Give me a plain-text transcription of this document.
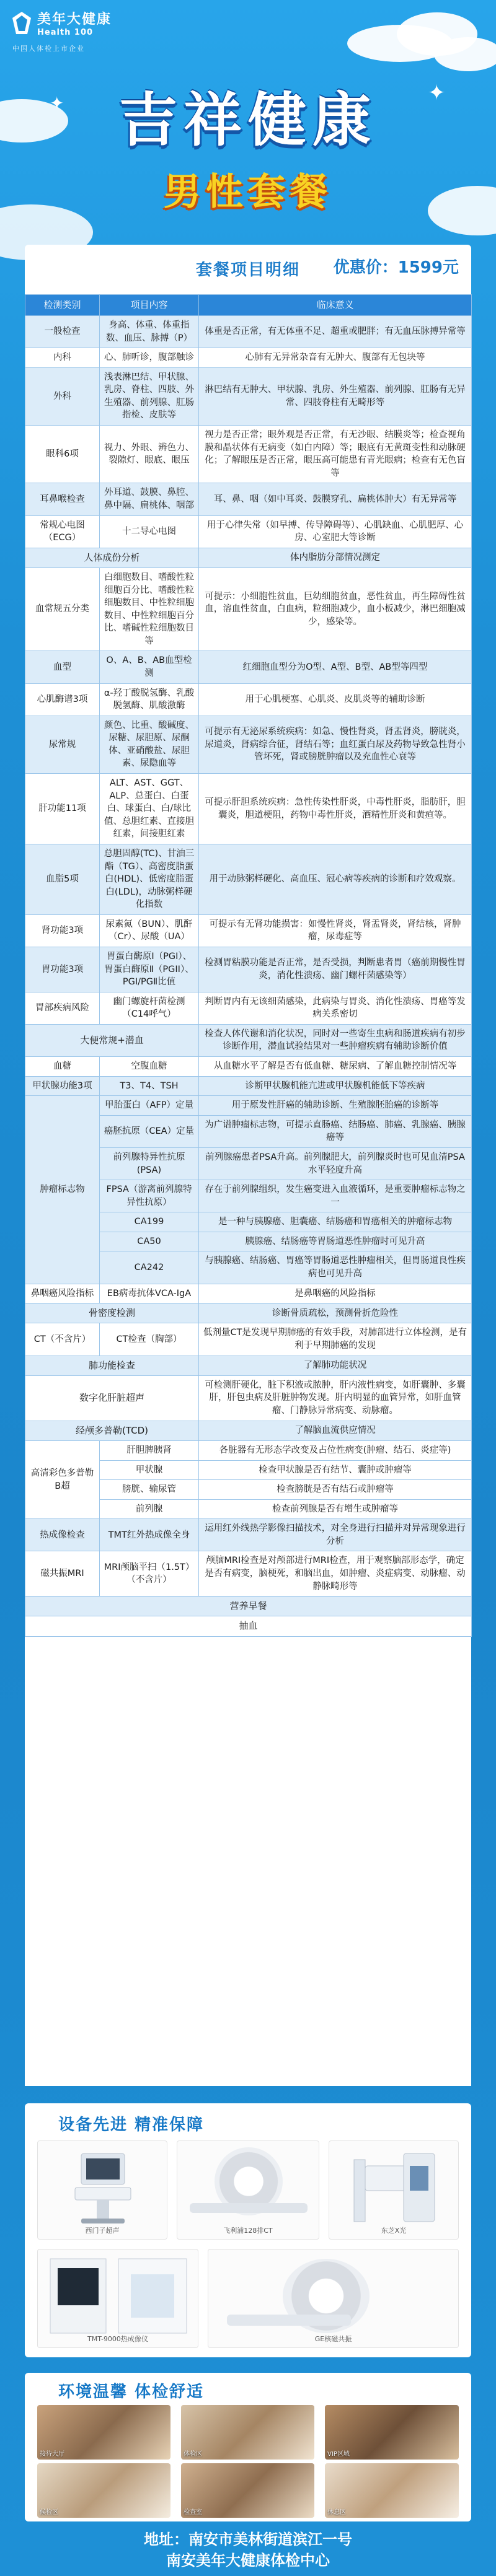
美年大健康
Health 100
中国人体检上市企业
✦	✦
吉祥健康
男性套餐
套餐项目明细	优惠价：1599元
检测类别	项目内容	临床意义
一般检查	身高、体重、体重指数、血压、脉搏（P）	体重是否正常，有无体重不足、超重或肥胖；有无血压脉搏异常等
内科	心、肺听诊，腹部触诊	心肺有无异常杂音有无肿大、腹部有无包块等
外科	浅表淋巴结、甲状腺、乳房、脊柱、四肢、外生殖器、前列腺、肛肠指检、皮肤等	淋巴结有无肿大、甲状腺、乳房、外生殖器、前列腺、肛肠有无异常、四肢脊柱有无畸形等
眼科6项	视力、外眼、辨色力、裂隙灯、眼底、眼压	视力是否正常；眼外观是否正常，有无沙眼、结膜炎等；检查视角膜和晶状体有无病变（如白内障）等；眼底有无黄斑变性和动脉硬化；了解眼压是否正常，眼压高可能患有青光眼病；检查有无色盲等
耳鼻喉检查	外耳道、鼓膜、鼻腔、鼻中隔、扁桃体、咽部	耳、鼻、咽（如中耳炎、鼓膜穿孔、扁桃体肿大）有无异常等
常规心电图（ECG）	十二导心电图	用于心律失常（如早搏、传导障碍等）、心肌缺血、心肌肥厚、心房、心室肥大等诊断
人体成份分析		体内脂肪分部情况测定
血常规五分类	白细胞数目、嗜酸性粒细胞百分比、嗜酸性粒细胞数目、中性粒细胞数目、中性粒细胞百分比、嗜碱性粒细胞数目等	可提示：小细胞性贫血，巨幼细胞贫血，恶性贫血，再生障碍性贫血，溶血性贫血，白血病，粒细胞减少，血小板减少，淋巴细胞减少，感染等。
血型	O、A、B、AB血型检测	红细胞血型分为O型、A型、B型、AB型等四型
心肌酶谱3项	α-羟丁酸脱氢酶、乳酸脱氢酶、肌酸激酶	用于心肌梗塞、心肌炎、皮肌炎等的辅助诊断
尿常规	颜色、比重、酸碱度、尿糖、尿胆原、尿酮体、亚硝酸盐、尿胆素、尿隐血等	可提示有无泌尿系统疾病：如急、慢性肾炎，肾盂肾炎，膀胱炎，尿道炎，肾病综合征，肾结石等；血红蛋白尿及药物导致急性肾小管坏死，肾或膀胱肿瘤以及充血性心衰等
肝功能11项	ALT、AST、GGT、ALP、总蛋白、白蛋白、球蛋白、白/球比值、总胆红素、直接胆红素，间接胆红素	可提示肝胆系统疾病：急性传染性肝炎，中毒性肝炎，脂肪肝，胆囊炎，胆道梗阻，药物中毒性肝炎，酒精性肝炎和黄疸等。
血脂5项	总胆固醇(TC)、甘油三酯（TG）、高密度脂蛋白(HDL)、低密度脂蛋白(LDL)，动脉粥样硬化指数	用于动脉粥样硬化、高血压、冠心病等疾病的诊断和疗效观察。
肾功能3项	尿素氮（BUN）、肌酐（Cr）、尿酸（UA）	可提示有无肾功能损害：如慢性肾炎，肾盂肾炎，肾结核，肾肿瘤，尿毒症等
胃功能3项	胃蛋白酶原Ⅰ（PGⅠ）、胃蛋白酶原Ⅱ（PGII）、PGⅠ/PGⅡ比值	检测胃粘膜功能是否正常，是否受损，判断患者胃（癌前期慢性胃炎，消化性溃疡、幽门螺杆菌感染等）
胃部疾病风险	幽门螺旋杆菌检测（C14呼气）	判断胃内有无该细菌感染，此病染与胃炎、消化性溃疡、胃癌等发病关系密切
大便常规+潜血		检查人体代谢和消化状况，同时对一些寄生虫病和肠道疾病有初步诊断作用，潜血试验结果对一些肿瘤疾病有辅助诊断价值
血糖	空腹血糖	从血糖水平了解是否有低血糖、糖尿病、了解血糖控制情况等
甲状腺功能3项	T3、T4、TSH	诊断甲状腺机能亢进或甲状腺机能低下等疾病
肿瘤标志物	甲胎蛋白（AFP）定量	用于原发性肝癌的辅助诊断、生殖腺胚胎癌的诊断等
	癌胚抗原（CEA）定量	为广谱肿瘤标志物，可提示直肠癌、结肠癌、肺癌、乳腺癌、胰腺癌等
	前列腺特异性抗原(PSA)	前列腺癌患者PSA升高。前列腺肥大，前列腺炎时也可见血清PSA水平轻度升高
	FPSA（游离前列腺特异性抗原）	存在于前列腺组织，发生癌变进入血液循环，是重要肿瘤标志物之一
	CA199	是一种与胰腺癌、胆囊癌、结肠癌和胃癌相关的肿瘤标志物
	CA50	胰腺癌、结肠癌等胃肠道恶性肿瘤时可见升高
	CA242	与胰腺癌、结肠癌、胃癌等胃肠道恶性肿瘤相关，但胃肠道良性疾病也可见升高
鼻咽癌风险指标	EB病毒抗体VCA-IgA	是鼻咽癌的风险指标
骨密度检测		诊断骨质疏松，预测骨折危险性
CT（不含片）	CT检查（胸部）	低剂量CT是发现早期肺癌的有效手段，对肺部进行立体检测，是有利于早期肺癌的发现
肺功能检查		了解肺功能状况
数字化肝脏超声		可检测肝硬化，脏下积液或脓肿，肝内液性病变，如肝囊肿、多囊肝，肝包虫病及肝脏肿物发现。肝内明显的血管异常，如肝血管瘤、门静脉异常病变、动脉瘤。
经颅多普勒(TCD)		了解脑血流供应情况
高清彩色多普勒B超	肝胆脾胰肾	各脏器有无形态学改变及占位性病变(肿瘤、结石、炎症等)
	甲状腺	检查甲状腺是否有结节、囊肿或肿瘤等
	膀胱、输尿管	检查膀胱是否有结石或肿瘤等
	前列腺	检查前列腺是否有增生或肿瘤等
热成像检查	TMT红外热成像全身	运用红外线热学影像扫描技术，对全身进行扫描并对异常现象进行分析
磁共振MRI	MRI颅脑平扫（1.5T）（不含片）	颅脑MRI检查是对颅部进行MRI检查，用于观察脑部形态学，确定是否有病变，脑梗死，和脑出血，如肿瘤、炎症病变、动脉瘤、动静脉畸形等
营养早餐		
抽血		
设备先进 精准保障
西门子超声	飞利浦128排CT	东芝X光
TMT-9000热成像仪	GE核磁共振
环境温馨 体检舒适
接待大厅	体检区	VIP区域
候检区	检查室	休息区
地址：南安市美林街道滨江一号
南安美年大健康体检中心
